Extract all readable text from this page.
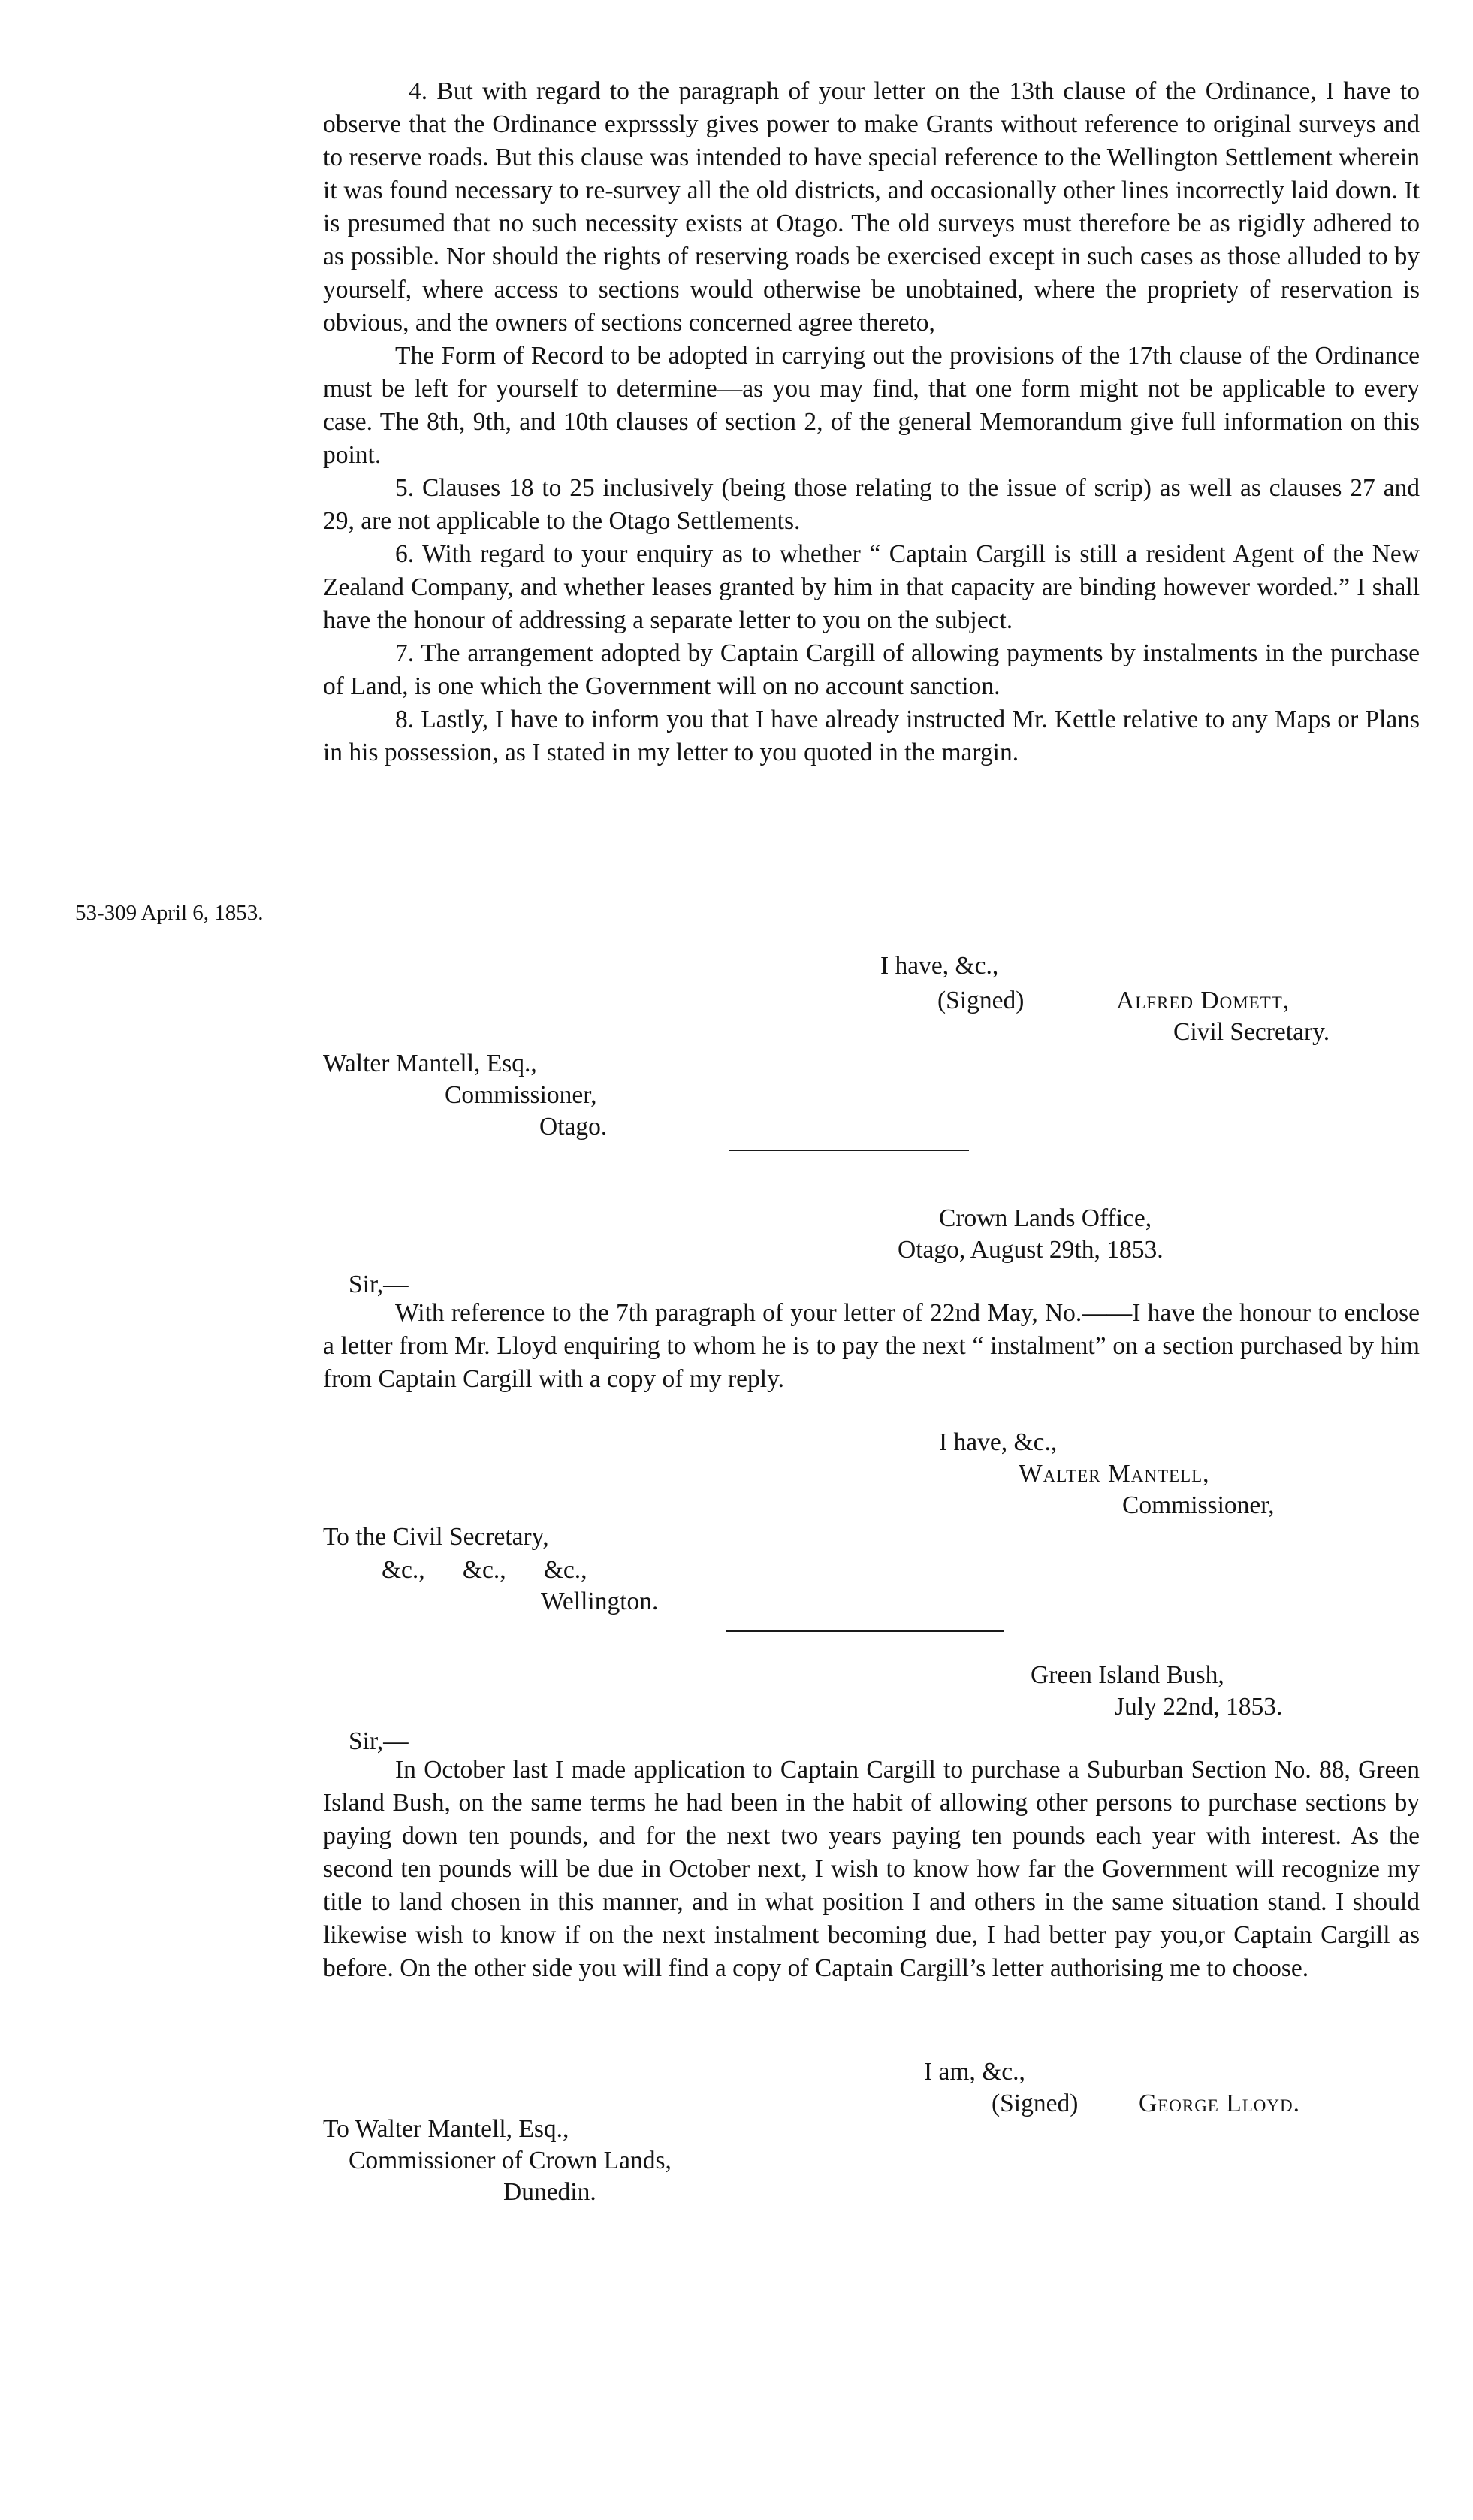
4. But with regard to the paragraph of your letter on the 13th clause of the Ordinance, I have to observe that the Ordinance exprsssly gives power to make Grants without reference to original surveys and to reserve roads. But this clause was intended to have special reference to the Wellington Settlement wherein it was found necessary to re-survey all the old districts, and occasionally other lines incorrectly laid down. It is presumed that no such necessity exists at Otago. The old surveys must therefore be as rigidly adhered to as possible. Nor should the rights of reserving roads be exercised except in such cases as those alluded to by yourself, where access to sections would otherwise be unobtained, where the propriety of reservation is obvious, and the owners of sections concerned agree thereto,

The Form of Record to be adopted in carrying out the provisions of the 17th clause of the Ordinance must be left for yourself to determine—as you may find, that one form might not be applicable to every case. The 8th, 9th, and 10th clauses of section 2, of the general Memorandum give full information on this point.

5. Clauses 18 to 25 inclusively (being those relating to the issue of scrip) as well as clauses 27 and 29, are not applicable to the Otago Settlements.

6. With regard to your enquiry as to whether “ Captain Cargill is still a resident Agent of the New Zealand Company, and whether leases granted by him in that capacity are binding however worded.” I shall have the honour of addressing a separate letter to you on the subject.

7. The arrangement adopted by Captain Cargill of allowing payments by instalments in the purchase of Land, is one which the Government will on no account sanction.

8. Lastly, I have to inform you that I have already instructed Mr. Kettle relative to any Maps or Plans in his possession, as I stated in my letter to you quoted in the margin.

53-309 April 6, 1853.
I have, &c.,
(Signed)	Alfred Domett,
Civil Secretary.
Walter Mantell, Esq.,
Commissioner,
Otago.
Crown Lands Office,
Otago, August 29th, 1853.
Sir,—

With reference to the 7th paragraph of your letter of 22nd May, No.——I have the honour to enclose a letter from Mr. Lloyd enquiring to whom he is to pay the next “ instalment” on a section purchased by him from Captain Cargill with a copy of my reply.

I have, &c.,
Walter Mantell,
Commissioner,
To the Civil Secretary,
&c.,      &c.,      &c.,
Wellington.
Green Island Bush,
July 22nd, 1853.
Sir,—

In October last I made application to Captain Cargill to purchase a Suburban Section No. 88, Green Island Bush, on the same terms he had been in the habit of allowing other persons to purchase sections by paying down ten pounds, and for the next two years paying ten pounds each year with interest. As the second ten pounds will be due in October next, I wish to know how far the Government will recognize my title to land chosen in this manner, and in what position I and others in the same situation stand. I should likewise wish to know if on the next instalment becoming due, I had better pay you,or Captain Cargill as before. On the other side you will find a copy of Captain Cargill’s letter authorising me to choose.

I am, &c.,
(Signed) George Lloyd.
To Walter Mantell, Esq.,
Commissioner of Crown Lands,
Dunedin.
